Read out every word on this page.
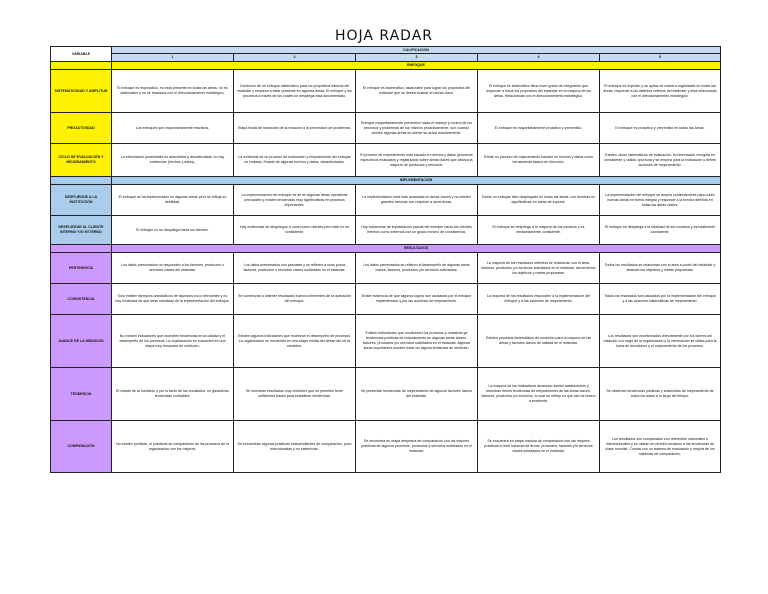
HOJA RADAR
VARIABLE	CALIFICACION				
	1	2	3	4	5
	ENFOQUE				
SISTEMATICIDAD Y AMPLITUD	El enfoque es esporádico, no está presente en todas las áreas, no es sistemático y no se relaciona con el direccionamiento estratégico.	Comienzo de un enfoque sistemático para los propósitos básicos del estándar y empieza a estar presente en algunas áreas. El enfoque y los procesos a través de los cuales se despliega está documentado.	El enfoque es sistemático, alcanzable para lograr los propósitos del estándar que se desea evaluar en áreas clave.	El enfoque es sistemático tiene buen grado de integración que responde a todos los propósitos del estándar en la mayoría de las áreas. Relacionado con el direccionamiento estratégico.	El enfoque es explícito y se aplica de manera organizada en todas las áreas, responde a los distintos criterios del estándar y está relacionado con el direccionamiento estratégico.
PROACTIVIDAD	Los enfoques son mayoritariamente reactivos.	Etapa inicial de transición de la reacción a la prevención de problemas.	Enfoque mayoritariamente preventivo hacia el manejo y control de los procesos y problemas de los mismos proactivamente, son cuando existen algunas áreas en donde se actúa reactivamente.	El enfoque es mayoritariamente proactivo y preventivo.	El enfoque es proactivo y preventivo en todas las áreas.
CICLO DE EVALUACIÓN Y MEJORAMIENTO	La información presentada es anecdótica y desarticulada, no hay evidencias (hechos y datos).	La evidencia de un proceso de evaluación y mejoramiento del enfoque es limitada. Estado de algunas hechos y datos, desarticulados.	El proceso de mejoramiento está basado en hechos y datos (procesos específicos evaluados y registrados) sobre áreas claves que abarca la mayoría de productos y servicios.	Existe un proceso de mejoramiento basado en hechos y datos como herramienta básica de dirección.	Existen ciclos sistemáticos de evaluación, la información recogida es consistente y válida, oportuna y se emplea para la evaluación y definir acciones de mejoramiento.
	IMPLEMENTACIÓN				
DESPLIEGUE A LA INSTITUCIÓN	El enfoque se ha implementado en algunas áreas pero se refleja su debilidad.	La implementación del enfoque es de en algunas áreas operativas principales y existen tendencias muy significativas en procesos importantes.	La implementación está más avanzada en áreas claves y no existen grandes brechas con respecto a otras áreas.	Existe un enfoque bien desplegado en todas las áreas, con brechas no significativas en áreas de soporte.	La implementación del enfoque se amplía continuamente para cubrir nuevas áreas en forma integral y responde a la brecha definida en todas las áreas claves.
DESPLIEGUE AL CLIENTE INTERNO Y/O EXTERNO	El enfoque no se despliega hacia los clientes.	Hay evidencias de despliegue a unos pocos clientes pero éste no es consistente.	Hay evidencias de implantación parcial del enfoque hacia los clientes internos como externos con un grado mínimo de consistencia.	El enfoque se despliega a la mayoría de los usuarios y es mediantamente consistente.	El enfoque se despliega a la totalidad de los usuarios y es totalmente consistente.
	RESULTADOS				
PERTINENCIA	Los datos presentados no responden a los factores, productos o servicios claves del estándar.	Los datos presentados son parciales y se refieren a unos pocos factores, productos o servicios claves solicitadas en el estándar.	Los datos presentados se refieren al desempeño de algunas áreas claves, factores, productos y/o servicios solicitados.	La mayoría de los resultados referidos se relacionan con el área, factores, productos y/o servicios solicitados en el estándar, decreciendo los objetivos y metas propuestas.	Todos los resultados se relacionan con el área a punto del estándar y abarcan los objetivos y metas propuestas.
CONSISTENCIA	Solo existen ejemplos anecdóticos de aspectos poco relevantes y no hay evidencia de que sean resultado de la implementación del enfoque.	Se comienzan a obtener resultados buenos inherentes de la aplicación del enfoque.	Existe evidencia de que algunos logros son causados por el enfoque implementado y por las acciones de mejoramiento.	La mayoría de los resultados responden a la implementación del enfoque y a las acciones de mejoramiento.	Todos los resultados son causados por la implementación del enfoque y a las acciones sistemáticas de mejoramiento.
AVANCE DE LA MEDICIÓN	No existen indicadores que muestren tendencias en la calidad y el desempeño de los procesos. La organización se encuentra en una etapa muy temprana de medición.	Existen algunos indicadores que muestran el desempeño de procesos. La organización se encuentra en una etapa media del desarrollo de la medición.	Existen indicadores que monitorean los procesos y muestran ya tendencias positivas de mejoramiento en algunas áreas claves, factores, productos y/o servicios solicitados en el estándar. Algunas áreas importantes pueden estar sin alguna tendencia de medición.	Existen procesos sistemáticos de medición para la mayoría de las áreas y factores claves de calidad en el estándar.	Los resultados son monitoreados directamente por los líderes del estándar a lo largo de la organización y la información se utiliza para la toma de decisiones y el mejoramiento de los procesos.
TENDENCIA	El estado de la medición y por lo tanto de los resultados, no garantizan tendencias confiables.	Se muestran resultados muy recientes que no permiten tener suficientes bases para establecer tendencias.	Se presentan tendencias de mejoramiento de algunos factores claves del estándar.	La mayoría de los indicadores alcanzan niveles satisfactorios y muestran firmes tendencias de mejoramiento de las áreas claves, factores, productos y/o servicios, lo cual se refleja en que van de bueno a excelente.	Se observan tendencias positivas y sostenidas de mejoramiento de todos los datos a lo largo del tiempo.
COMPARACIÓN	No existen políticas, ni prácticas de comparación de los procesos de la organización con los mejores.	Se encuentran algunas prácticas independientes de comparación, poco estructuradas y no sistémicas.	Se encuentra en etapa temprana de comparación con las mejores prácticas de algunos procesos, productos y servicios solicitados en el estándar.	Se encuentra en etapa madura de comparación con las mejores prácticas a nivel nacional de áreas, productos, factores y/o servicios claves solicitados en el estándar.	Los resultados son comparados con referentes nacionales e internacionales y se ubican en niveles cercanos a las tendencias de clase mundial. Cuenta con un sistema de evaluación y mejora de los sistemas de comparación.
